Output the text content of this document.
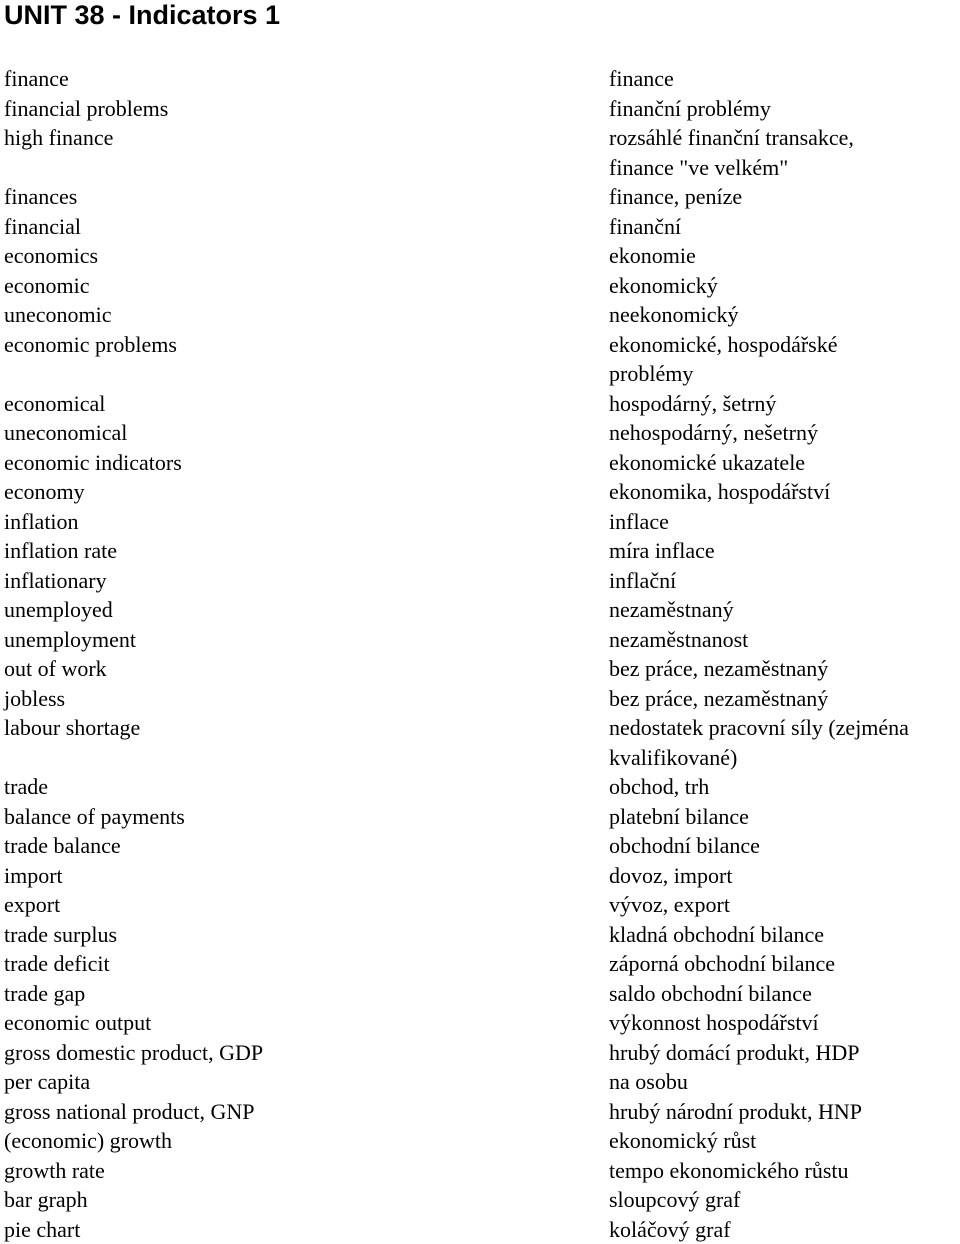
UNIT 38 - Indicators 1
finance
financial problems
high finance
finances
financial
economics
economic
uneconomic
economic problems
economical
uneconomical
economic indicators
economy
inflation
inflation rate
inflationary
unemployed
unemployment
out of work
jobless
labour shortage
trade
balance of payments
trade balance
import
export
trade surplus
trade deficit
trade gap
economic output
gross domestic product, GDP
per capita
gross national product, GNP
(economic) growth
growth rate
bar graph
pie chart
finance
finanční problémy
rozsáhlé finanční transakce,
finance "ve velkém"
finance, peníze
finanční
ekonomie
ekonomický
neekonomický
ekonomické, hospodářské
problémy
hospodárný, šetrný
nehospodárný, nešetrný
ekonomické ukazatele
ekonomika, hospodářství
inflace
míra inflace
inflační
nezaměstnaný
nezaměstnanost
bez práce, nezaměstnaný
bez práce, nezaměstnaný
nedostatek pracovní síly (zejména
kvalifikované)
obchod, trh
platební bilance
obchodní bilance
dovoz, import
vývoz, export
kladná obchodní bilance
záporná obchodní bilance
saldo obchodní bilance
výkonnost hospodářství
hrubý domácí produkt, HDP
na osobu
hrubý národní produkt, HNP
ekonomický růst
tempo ekonomického růstu
sloupcový graf
koláčový graf
